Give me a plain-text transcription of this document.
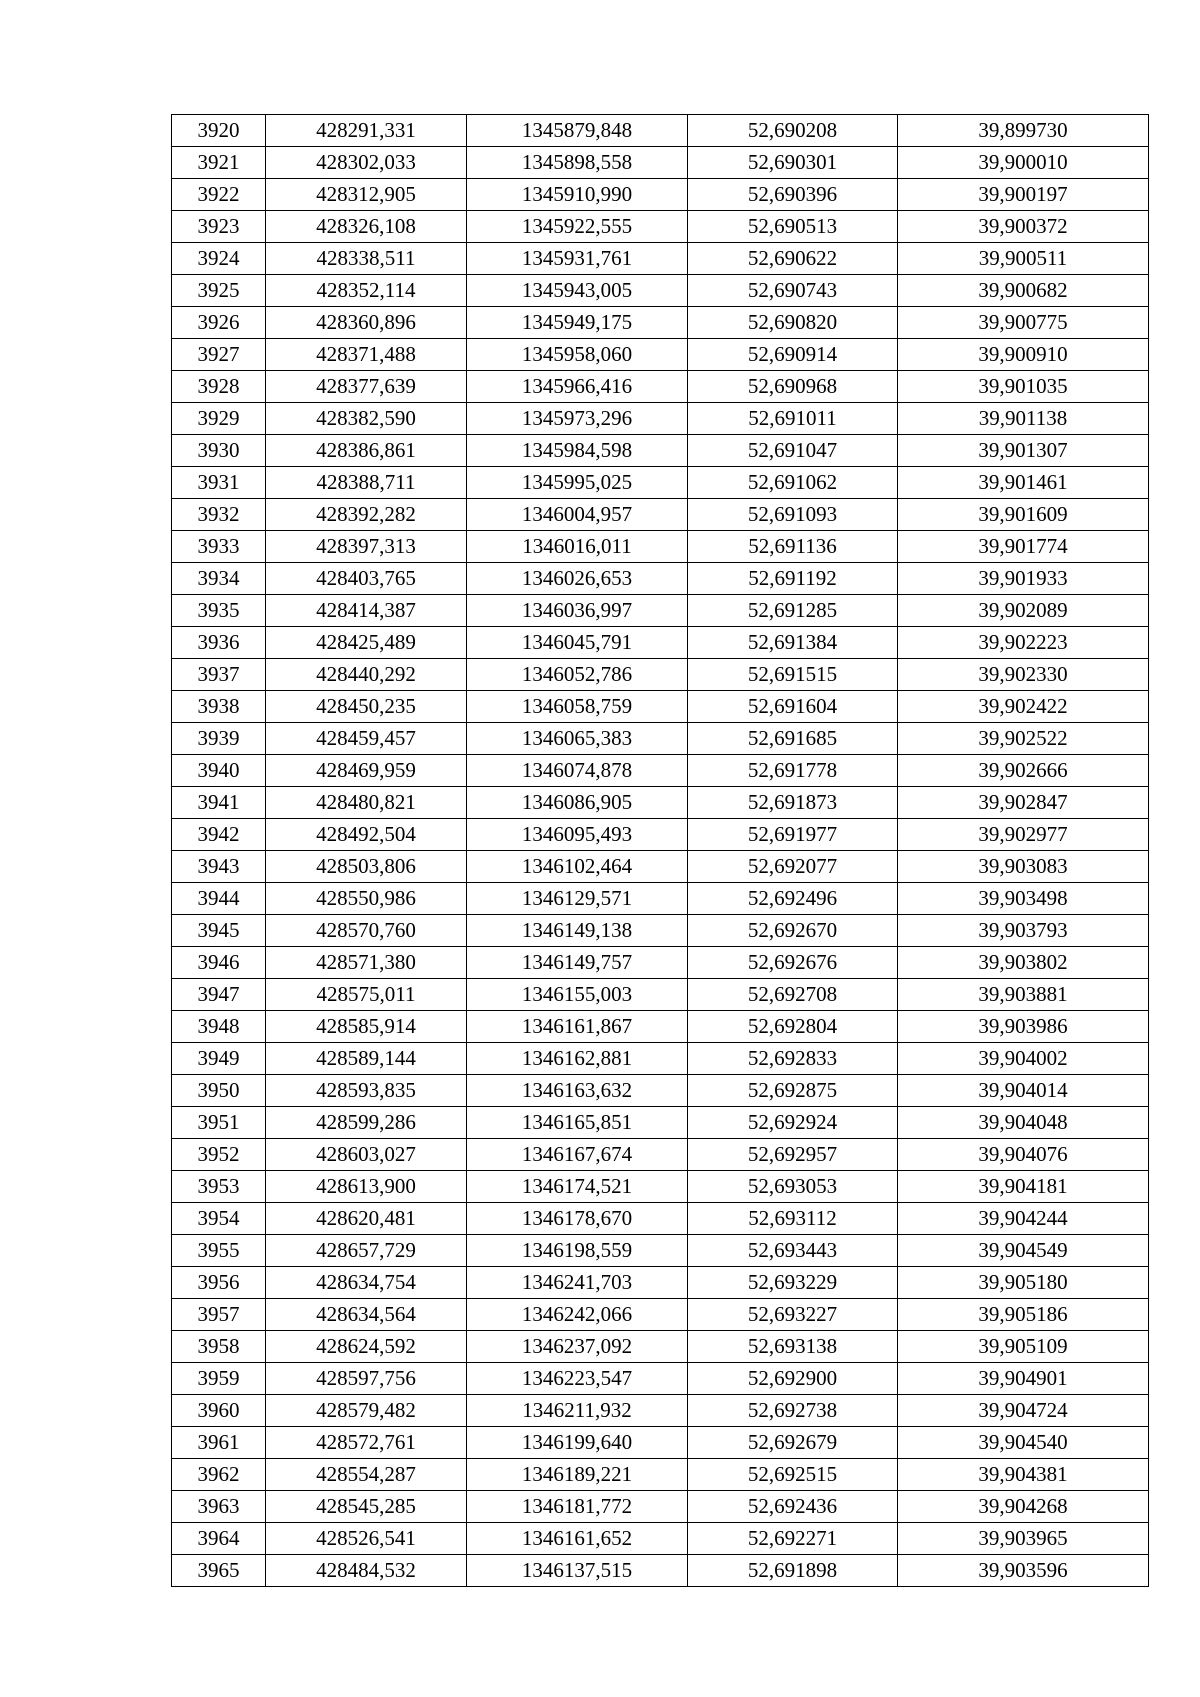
3920	428291,331	1345879,848	52,690208	39,899730
3921	428302,033	1345898,558	52,690301	39,900010
3922	428312,905	1345910,990	52,690396	39,900197
3923	428326,108	1345922,555	52,690513	39,900372
3924	428338,511	1345931,761	52,690622	39,900511
3925	428352,114	1345943,005	52,690743	39,900682
3926	428360,896	1345949,175	52,690820	39,900775
3927	428371,488	1345958,060	52,690914	39,900910
3928	428377,639	1345966,416	52,690968	39,901035
3929	428382,590	1345973,296	52,691011	39,901138
3930	428386,861	1345984,598	52,691047	39,901307
3931	428388,711	1345995,025	52,691062	39,901461
3932	428392,282	1346004,957	52,691093	39,901609
3933	428397,313	1346016,011	52,691136	39,901774
3934	428403,765	1346026,653	52,691192	39,901933
3935	428414,387	1346036,997	52,691285	39,902089
3936	428425,489	1346045,791	52,691384	39,902223
3937	428440,292	1346052,786	52,691515	39,902330
3938	428450,235	1346058,759	52,691604	39,902422
3939	428459,457	1346065,383	52,691685	39,902522
3940	428469,959	1346074,878	52,691778	39,902666
3941	428480,821	1346086,905	52,691873	39,902847
3942	428492,504	1346095,493	52,691977	39,902977
3943	428503,806	1346102,464	52,692077	39,903083
3944	428550,986	1346129,571	52,692496	39,903498
3945	428570,760	1346149,138	52,692670	39,903793
3946	428571,380	1346149,757	52,692676	39,903802
3947	428575,011	1346155,003	52,692708	39,903881
3948	428585,914	1346161,867	52,692804	39,903986
3949	428589,144	1346162,881	52,692833	39,904002
3950	428593,835	1346163,632	52,692875	39,904014
3951	428599,286	1346165,851	52,692924	39,904048
3952	428603,027	1346167,674	52,692957	39,904076
3953	428613,900	1346174,521	52,693053	39,904181
3954	428620,481	1346178,670	52,693112	39,904244
3955	428657,729	1346198,559	52,693443	39,904549
3956	428634,754	1346241,703	52,693229	39,905180
3957	428634,564	1346242,066	52,693227	39,905186
3958	428624,592	1346237,092	52,693138	39,905109
3959	428597,756	1346223,547	52,692900	39,904901
3960	428579,482	1346211,932	52,692738	39,904724
3961	428572,761	1346199,640	52,692679	39,904540
3962	428554,287	1346189,221	52,692515	39,904381
3963	428545,285	1346181,772	52,692436	39,904268
3964	428526,541	1346161,652	52,692271	39,903965
3965	428484,532	1346137,515	52,691898	39,903596
